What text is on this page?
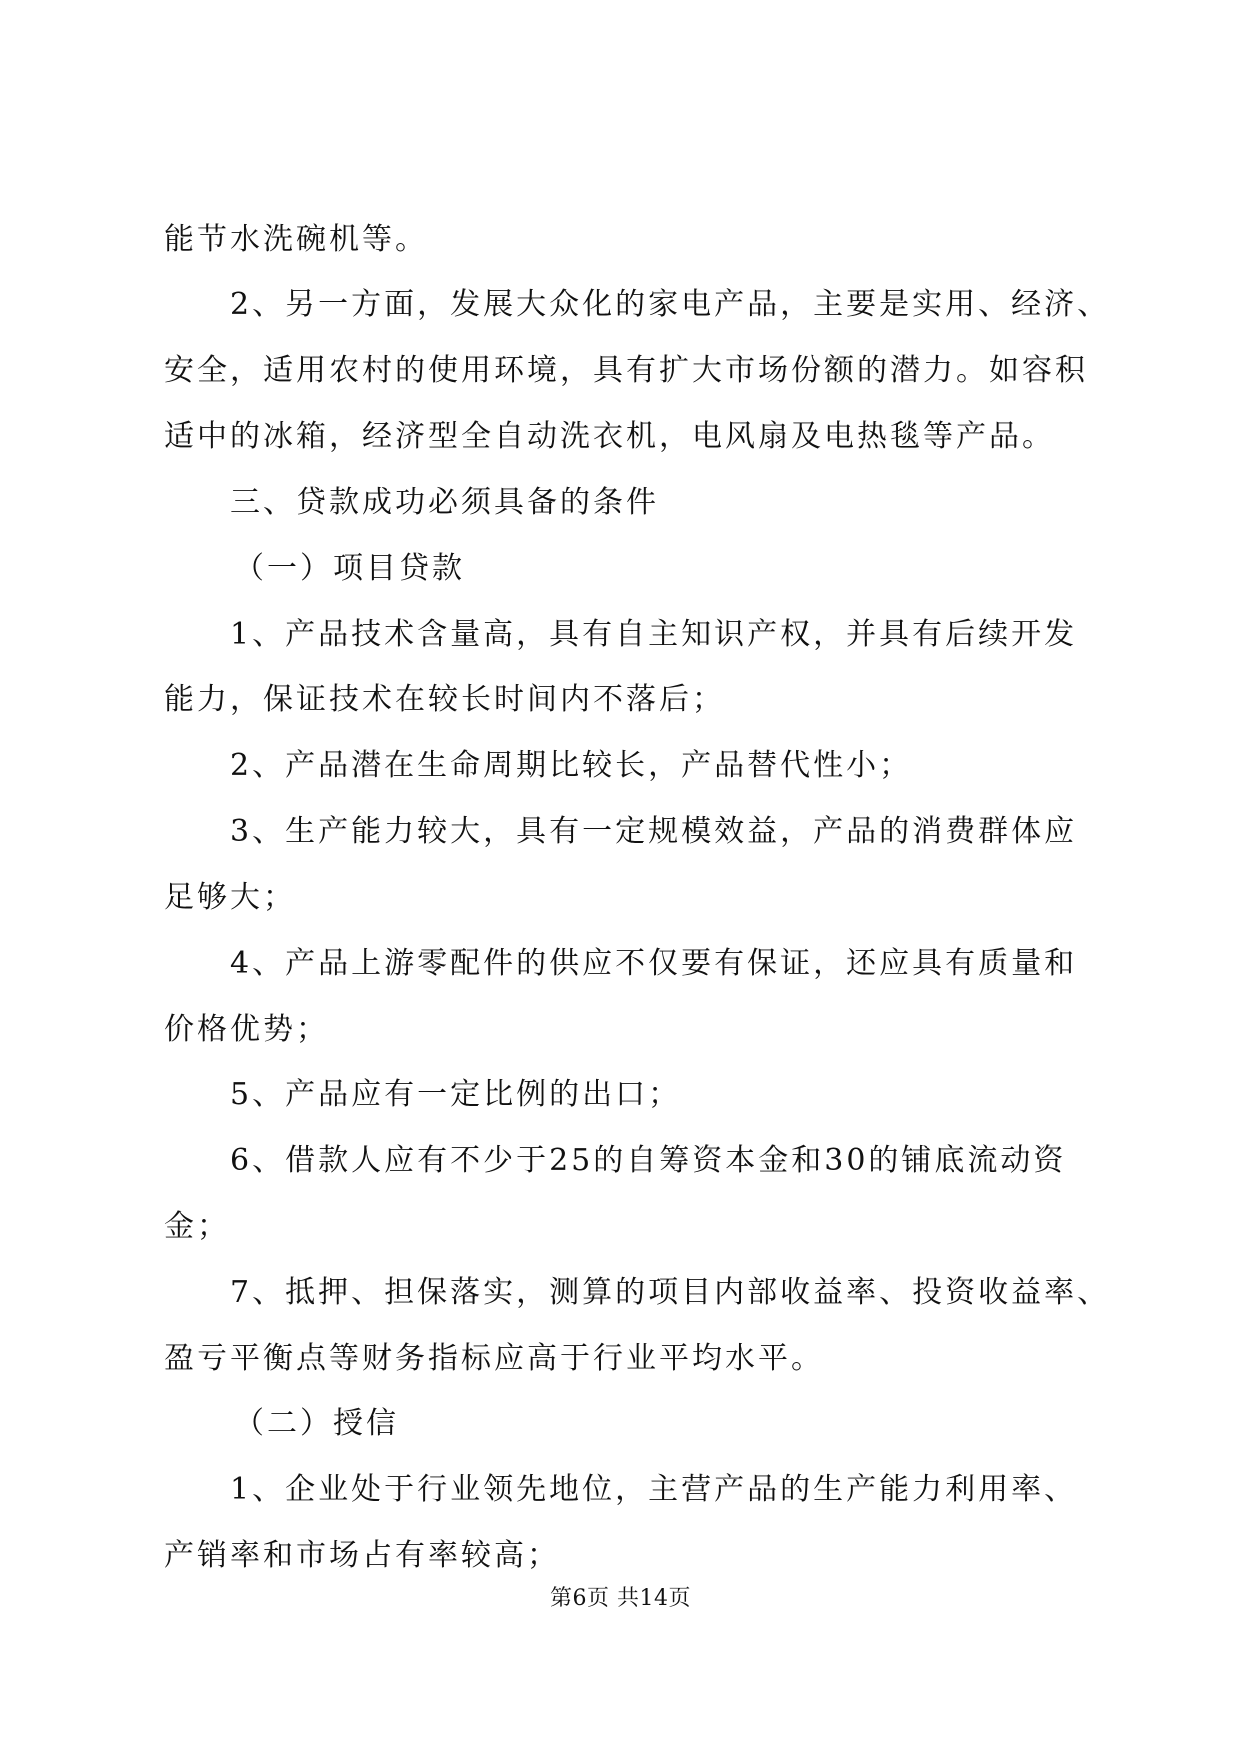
能节水洗碗机等。
2、另一方面，发展大众化的家电产品，主要是实用、经济、
安全，适用农村的使用环境，具有扩大市场份额的潜力。如容积
适中的冰箱，经济型全自动洗衣机，电风扇及电热毯等产品。
三、贷款成功必须具备的条件
（一）项目贷款
1、产品技术含量高，具有自主知识产权，并具有后续开发
能力，保证技术在较长时间内不落后；
2、产品潜在生命周期比较长，产品替代性小；
3、生产能力较大，具有一定规模效益，产品的消费群体应
足够大；
4、产品上游零配件的供应不仅要有保证，还应具有质量和
价格优势；
5、产品应有一定比例的出口；
6、借款人应有不少于25的自筹资本金和30的铺底流动资
金；
7、抵押、担保落实，测算的项目内部收益率、投资收益率、
盈亏平衡点等财务指标应高于行业平均水平。
（二）授信
1、企业处于行业领先地位，主营产品的生产能力利用率、
产销率和市场占有率较高；
第6页 共14页
